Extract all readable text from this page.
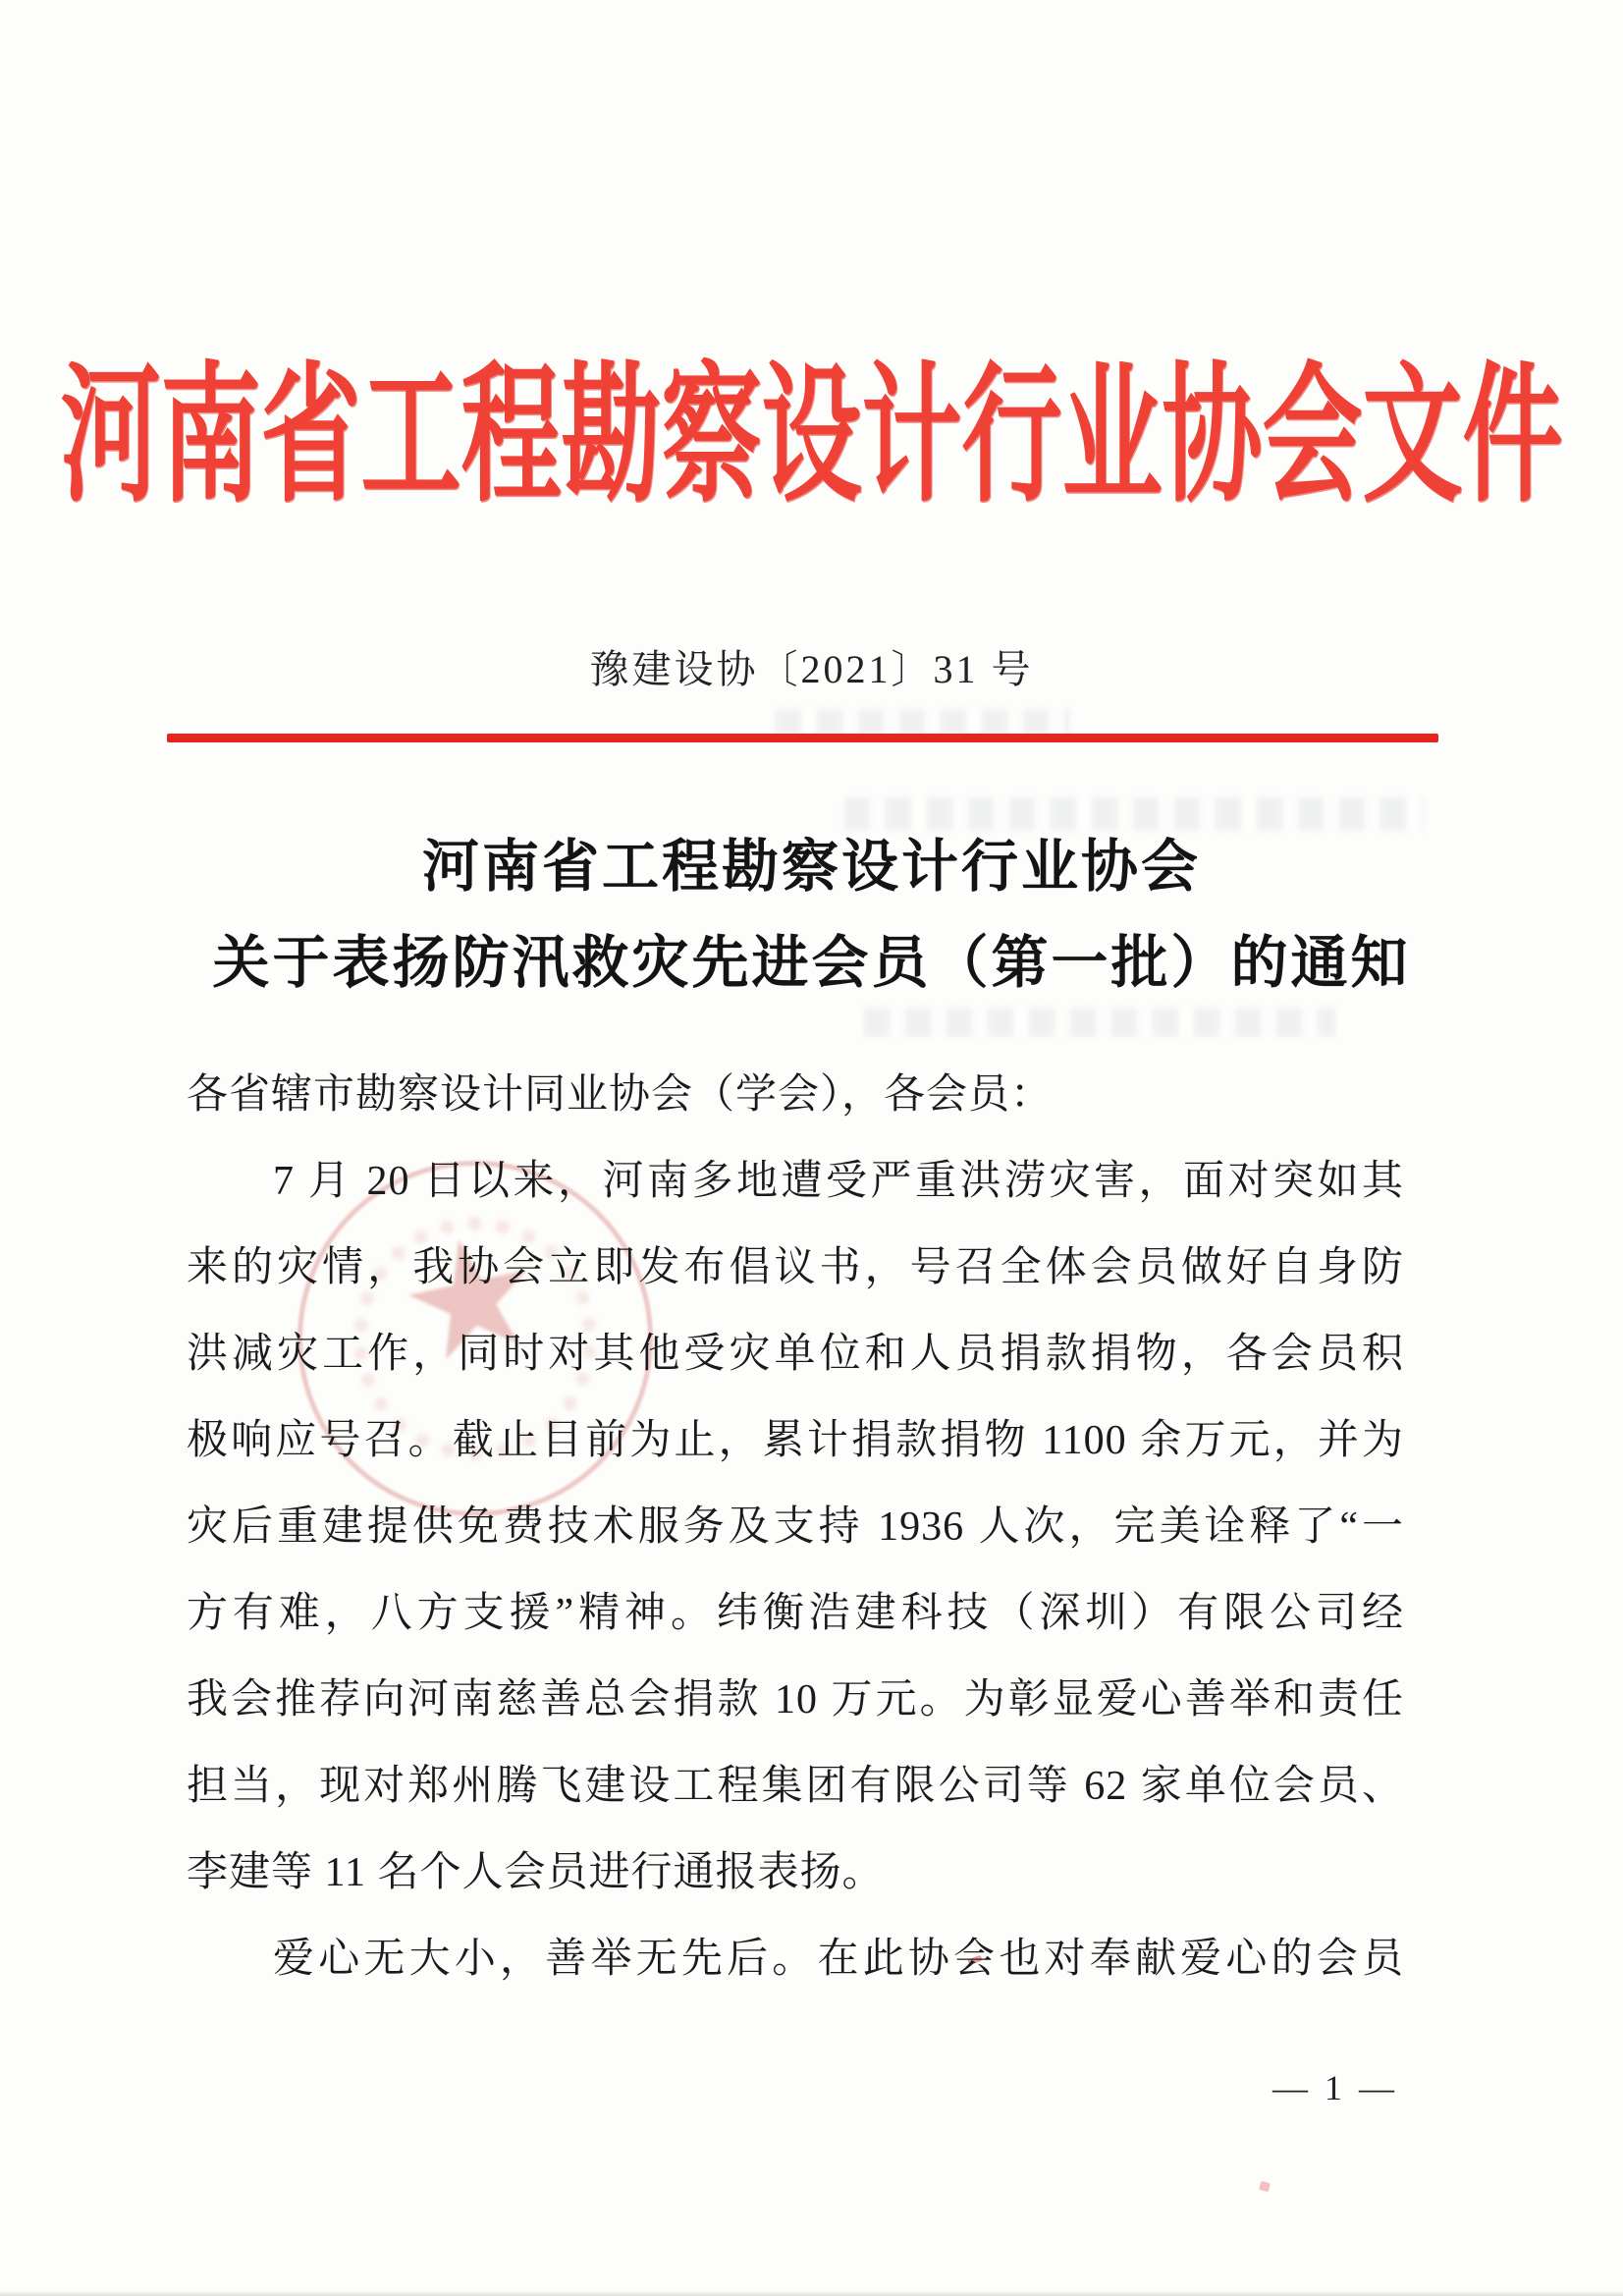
河南省工程勘察设计行业协会文件
豫建设协〔2021〕31 号
河南省工程勘察设计行业协会
关于表扬防汛救灾先进会员（第一批）的通知
★

各省辖市勘察设计同业协会（学会），各会员：

7 月 20 日以来，河南多地遭受严重洪涝灾害，面对突如其

来的灾情，我协会立即发布倡议书，号召全体会员做好自身防

洪减灾工作，同时对其他受灾单位和人员捐款捐物，各会员积

极响应号召。截止目前为止，累计捐款捐物 1100 余万元，并为

灾后重建提供免费技术服务及支持 1936 人次，完美诠释了“一

方有难，八方支援”精神。纬衡浩建科技（深圳）有限公司经

我会推荐向河南慈善总会捐款 10 万元。为彰显爱心善举和责任

担当，现对郑州腾飞建设工程集团有限公司等 62 家单位会员、

李建等 11 名个人会员进行通报表扬。

爱心无大小，善举无先后。在此协会也对奉献爱心的会员

— 1 —
